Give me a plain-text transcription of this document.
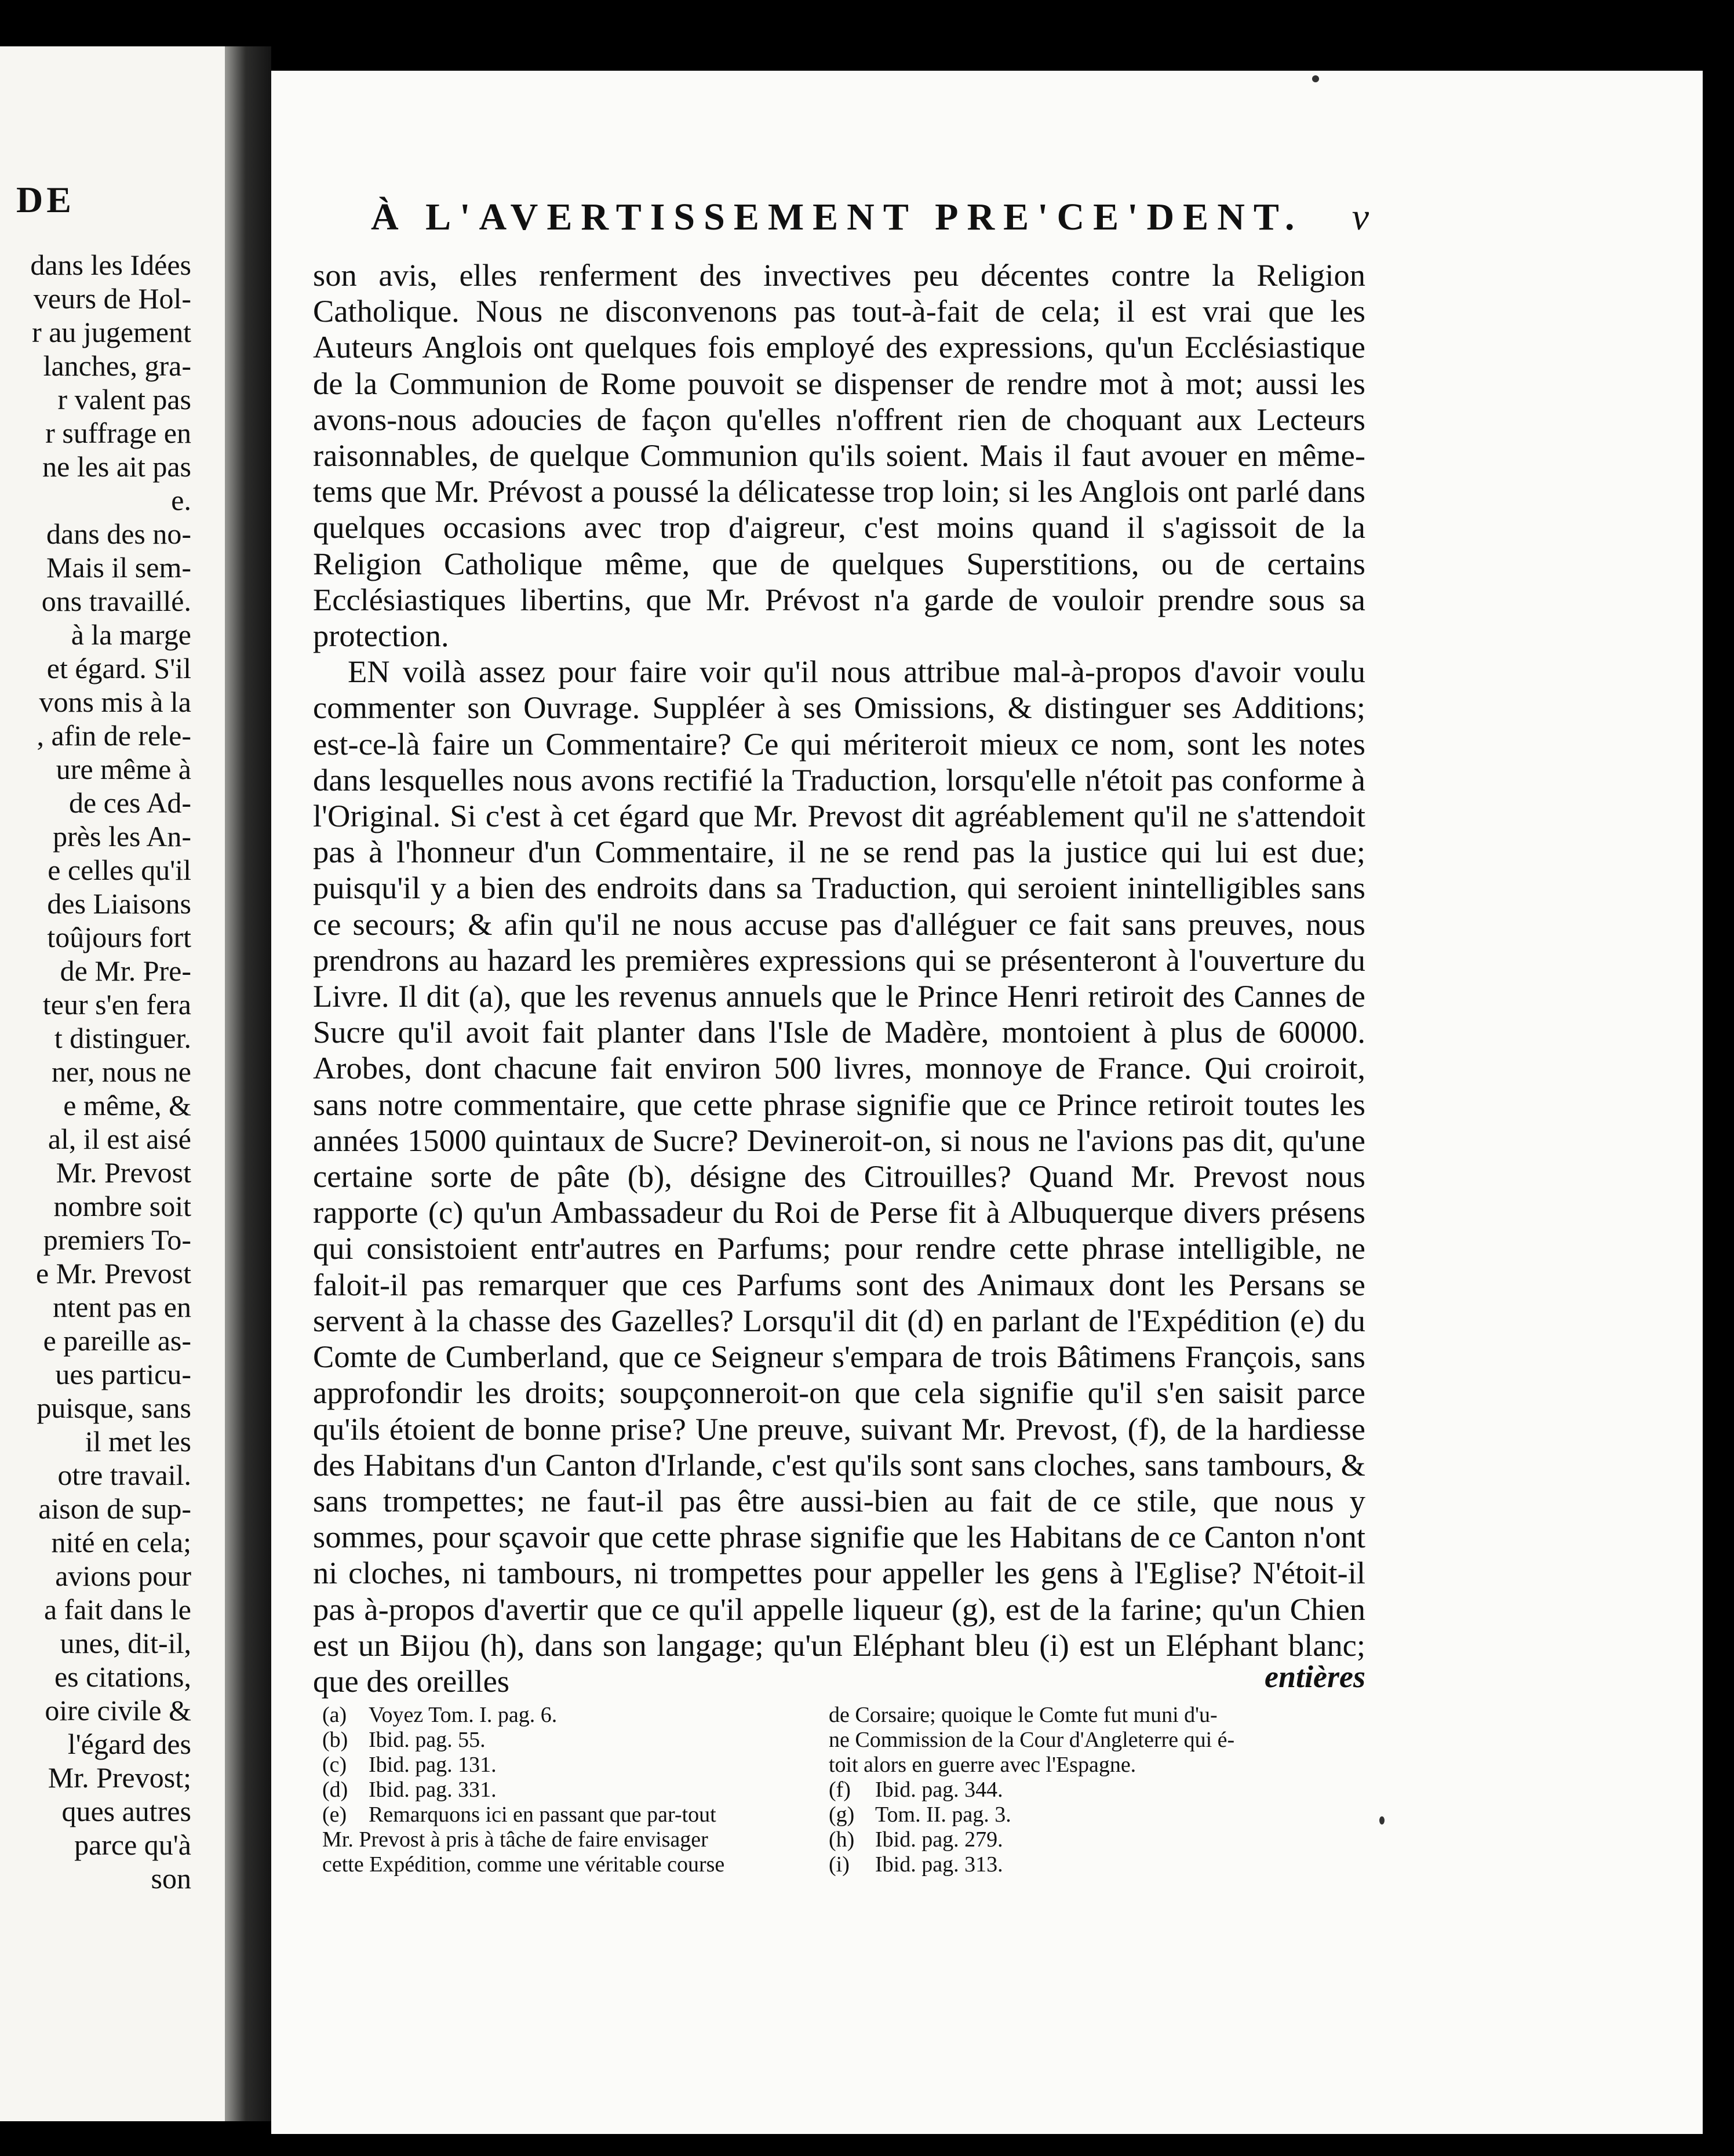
DE
dans les Idées
veurs de Hol-
r au jugement
lanches, gra-
r valent pas
r suffrage en
ne les ait pas
e.
dans des no-
Mais il sem-
ons travaillé.
à la marge
et égard. S'il
vons mis à la
, afin de rele-
ure même à
de ces Ad-
près les An-
e celles qu'il
des Liaisons
toûjours fort
de Mr. Pre-
teur s'en fera
t distinguer.
ner, nous ne
e même, &
al, il est aisé
Mr. Prevost
nombre soit
premiers To-
e Mr. Prevost
ntent pas en
e pareille as-
ues particu-
puisque, sans
il met les
otre travail.
aison de sup-
nité en cela;
avions pour
a fait dans le
unes, dit-il,
es citations,
oire civile &
l'égard des
Mr. Prevost;
ques autres
parce qu'à
son
À L'AVERTISSEMENT PRE'CE'DENT. v

son avis, elles renferment des invectives peu décentes contre la Religion Catholique. Nous ne disconvenons pas tout-à-fait de cela; il est vrai que les Auteurs Anglois ont quelques fois employé des expressions, qu'un Ecclésiastique de la Communion de Rome pouvoit se dispenser de rendre mot à mot; aussi les avons-nous adoucies de façon qu'elles n'offrent rien de choquant aux Lecteurs raisonnables, de quelque Communion qu'ils soient. Mais il faut avouer en même-tems que Mr. Prévost a poussé la délicatesse trop loin; si les Anglois ont parlé dans quelques occasions avec trop d'aigreur, c'est moins quand il s'agissoit de la Religion Catholique même, que de quelques Superstitions, ou de certains Ecclésiastiques libertins, que Mr. Prévost n'a garde de vouloir prendre sous sa protection.

EN voilà assez pour faire voir qu'il nous attribue mal-à-propos d'avoir voulu commenter son Ouvrage. Suppléer à ses Omissions, & distinguer ses Additions; est-ce-là faire un Commentaire? Ce qui mériteroit mieux ce nom, sont les notes dans lesquelles nous avons rectifié la Traduction, lorsqu'elle n'étoit pas conforme à l'Original. Si c'est à cet égard que Mr. Prevost dit agréablement qu'il ne s'attendoit pas à l'honneur d'un Commentaire, il ne se rend pas la justice qui lui est due; puisqu'il y a bien des endroits dans sa Traduction, qui seroient inintelligibles sans ce secours; & afin qu'il ne nous accuse pas d'alléguer ce fait sans preuves, nous prendrons au hazard les premières expressions qui se présenteront à l'ouverture du Livre. Il dit (a), que les revenus annuels que le Prince Henri retiroit des Cannes de Sucre qu'il avoit fait planter dans l'Isle de Madère, montoient à plus de 60000. Arobes, dont chacune fait environ 500 livres, monnoye de France. Qui croiroit, sans notre commentaire, que cette phrase signifie que ce Prince retiroit toutes les années 15000 quintaux de Sucre? Devineroit-on, si nous ne l'avions pas dit, qu'une certaine sorte de pâte (b), désigne des Citrouilles? Quand Mr. Prevost nous rapporte (c) qu'un Ambassadeur du Roi de Perse fit à Albuquerque divers présens qui consistoient entr'autres en Parfums; pour rendre cette phrase intelligible, ne faloit-il pas remarquer que ces Parfums sont des Animaux dont les Persans se servent à la chasse des Gazelles? Lorsqu'il dit (d) en parlant de l'Expédition (e) du Comte de Cumberland, que ce Seigneur s'empara de trois Bâtimens François, sans approfondir les droits; soupçonneroit-on que cela signifie qu'il s'en saisit parce qu'ils étoient de bonne prise? Une preuve, suivant Mr. Prevost, (f), de la hardiesse des Habitans d'un Canton d'Irlande, c'est qu'ils sont sans cloches, sans tambours, & sans trompettes; ne faut-il pas être aussi-bien au fait de ce stile, que nous y sommes, pour sçavoir que cette phrase signifie que les Habitans de ce Canton n'ont ni cloches, ni tambours, ni trompettes pour appeller les gens à l'Eglise? N'étoit-il pas à-propos d'avertir que ce qu'il appelle liqueur (g), est de la farine; qu'un Chien est un Bijou (h), dans son langage; qu'un Eléphant bleu (i) est un Eléphant blanc; que des oreilles	entières
(a) Voyez Tom. I. pag. 6.
(b) Ibid. pag. 55.
(c) Ibid. pag. 131.
(d) Ibid. pag. 331.
(e) Remarquons ici en passant que par-tout
Mr. Prevost à pris à tâche de faire envisager
cette Expédition, comme une véritable course
de Corsaire; quoique le Comte fut muni d'u-
ne Commission de la Cour d'Angleterre qui é-
toit alors en guerre avec l'Espagne.
(f) Ibid. pag. 344.
(g) Tom. II. pag. 3.
(h) Ibid. pag. 279.
(i) Ibid. pag. 313.
